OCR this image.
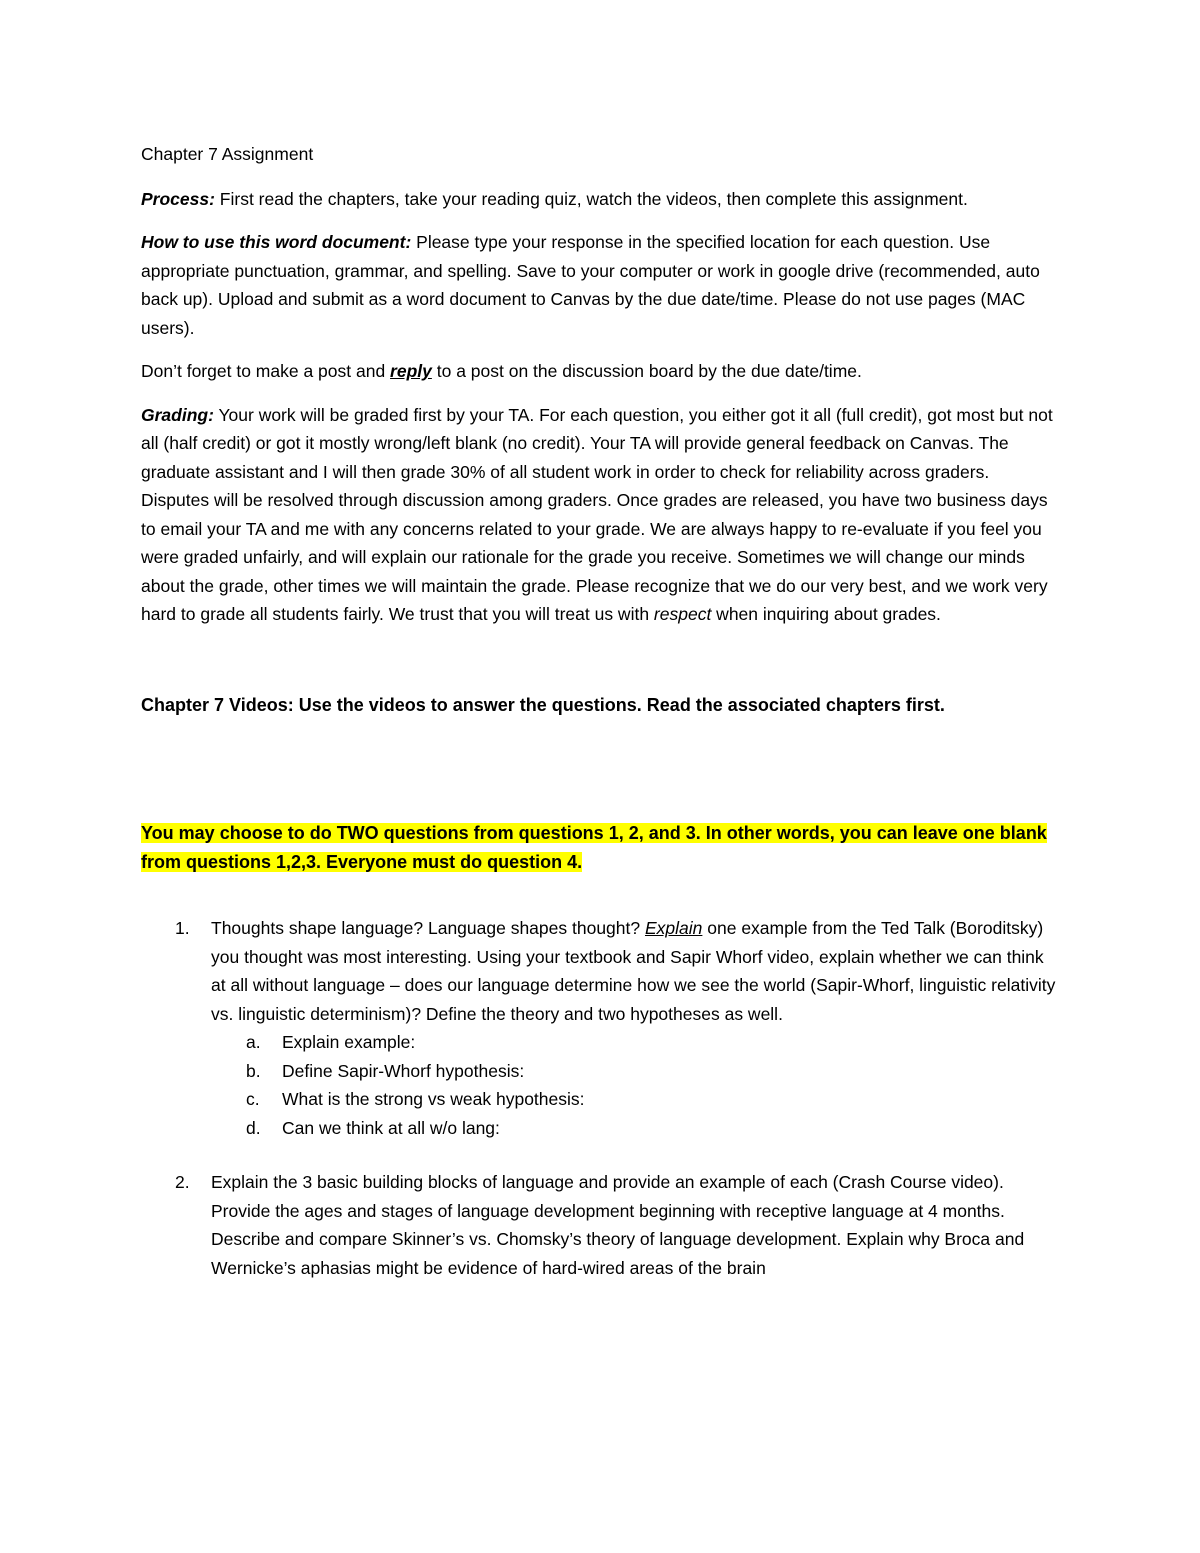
Chapter 7 Assignment

Process: First read the chapters, take your reading quiz, watch the videos, then complete this assignment.

How to use this word document: Please type your response in the specified location for each question. Use appropriate punctuation, grammar, and spelling. Save to your computer or work in google drive (recommended, auto back up). Upload and submit as a word document to Canvas by the due date/time. Please do not use pages (MAC users).

Don’t forget to make a post and reply to a post on the discussion board by the due date/time.

Grading: Your work will be graded first by your TA. For each question, you either got it all (full credit), got most but not all (half credit) or got it mostly wrong/left blank (no credit). Your TA will provide general feedback on Canvas. The graduate assistant and I will then grade 30% of all student work in order to check for reliability across graders. Disputes will be resolved through discussion among graders. Once grades are released, you have two business days to email your TA and me with any concerns related to your grade. We are always happy to re-evaluate if you feel you were graded unfairly, and will explain our rationale for the grade you receive. Sometimes we will change our minds about the grade, other times we will maintain the grade. Please recognize that we do our very best, and we work very hard to grade all students fairly. We trust that you will treat us with respect when inquiring about grades.

Chapter 7 Videos: Use the videos to answer the questions. Read the associated chapters first.

You may choose to do TWO questions from questions 1, 2, and 3. In other words, you can leave one blank from questions 1,2,3. Everyone must do question 4.

1. Thoughts shape language? Language shapes thought? Explain one example from the Ted Talk (Boroditsky) you thought was most interesting. Using your textbook and Sapir Whorf video, explain whether we can think at all without language – does our language determine how we see the world (Sapir-Whorf, linguistic relativity vs. linguistic determinism)? Define the theory and two hypotheses as well.
a. Explain example:
b. Define Sapir-Whorf hypothesis:
c. What is the strong vs weak hypothesis:
d. Can we think at all w/o lang:
2. Explain the 3 basic building blocks of language and provide an example of each (Crash Course video). Provide the ages and stages of language development beginning with receptive language at 4 months. Describe and compare Skinner’s vs. Chomsky’s theory of language development. Explain why Broca and Wernicke’s aphasias might be evidence of hard-wired areas of the brain
